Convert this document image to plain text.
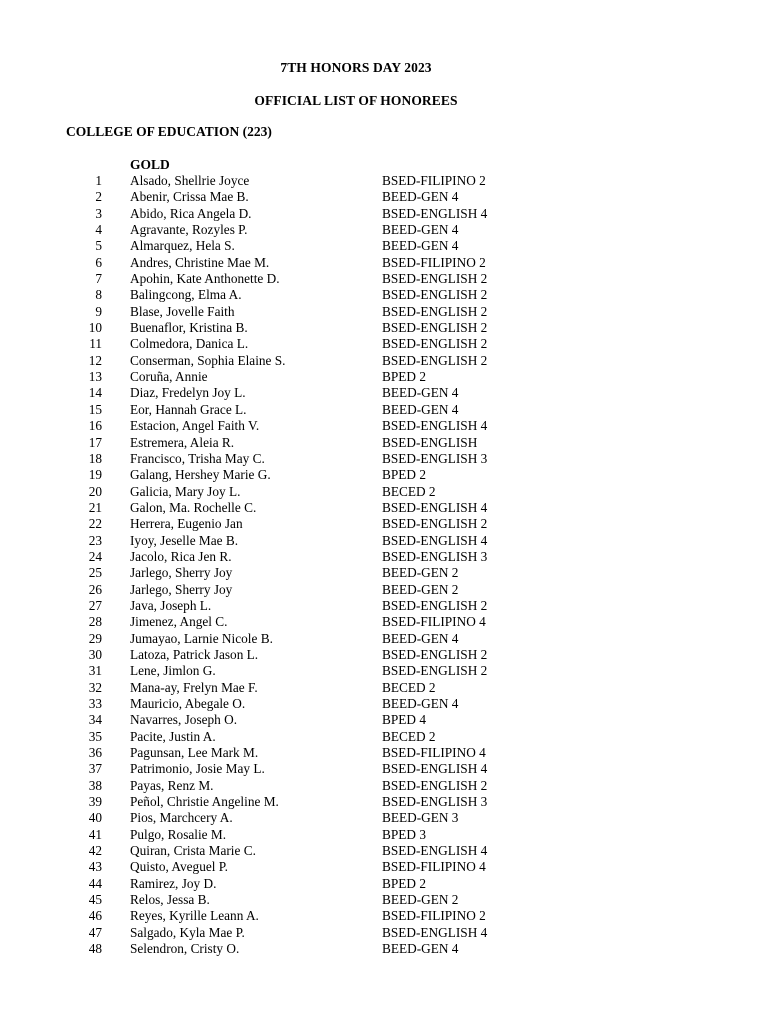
7TH HONORS DAY 2023
OFFICIAL LIST OF HONOREES
COLLEGE OF EDUCATION (223)
GOLD
1 Alsado, Shellrie Joyce	BSED-FILIPINO 2
2 Abenir, Crissa Mae B.	BEED-GEN 4
3 Abido, Rica Angela D.	BSED-ENGLISH 4
4 Agravante, Rozyles P.	BEED-GEN 4
5 Almarquez, Hela S.	BEED-GEN 4
6 Andres, Christine Mae M.	BSED-FILIPINO 2
7 Apohin, Kate Anthonette D.	BSED-ENGLISH 2
8 Balingcong, Elma A.	BSED-ENGLISH 2
9 Blase, Jovelle Faith	BSED-ENGLISH 2
10 Buenaflor, Kristina B.	BSED-ENGLISH 2
11 Colmedora, Danica L.	BSED-ENGLISH 2
12 Conserman, Sophia Elaine S.	BSED-ENGLISH 2
13 Coruña, Annie	BPED 2
14 Diaz, Fredelyn Joy L.	BEED-GEN 4
15 Eor, Hannah Grace L.	BEED-GEN 4
16 Estacion, Angel Faith V.	BSED-ENGLISH 4
17 Estremera, Aleia R.	BSED-ENGLISH
18 Francisco, Trisha May C.	BSED-ENGLISH 3
19 Galang, Hershey Marie G.	BPED 2
20 Galicia, Mary Joy L.	BECED 2
21 Galon, Ma. Rochelle C.	BSED-ENGLISH 4
22 Herrera, Eugenio Jan	BSED-ENGLISH 2
23 Iyoy, Jeselle Mae B.	BSED-ENGLISH 4
24 Jacolo, Rica Jen R.	BSED-ENGLISH 3
25 Jarlego, Sherry Joy	BEED-GEN 2
26 Jarlego, Sherry Joy	BEED-GEN 2
27 Java, Joseph L.	BSED-ENGLISH 2
28 Jimenez, Angel C.	BSED-FILIPINO 4
29 Jumayao, Larnie Nicole B.	BEED-GEN 4
30 Latoza, Patrick Jason L.	BSED-ENGLISH 2
31 Lene, Jimlon G.	BSED-ENGLISH 2
32 Mana-ay, Frelyn Mae F.	BECED 2
33 Mauricio, Abegale O.	BEED-GEN 4
34 Navarres, Joseph O.	BPED 4
35 Pacite, Justin A.	BECED 2
36 Pagunsan, Lee Mark M.	BSED-FILIPINO 4
37 Patrimonio, Josie May L.	BSED-ENGLISH 4
38 Payas, Renz M.	BSED-ENGLISH 2
39 Peñol, Christie Angeline M.	BSED-ENGLISH 3
40 Pios, Marchcery A.	BEED-GEN 3
41 Pulgo, Rosalie M.	BPED 3
42 Quiran, Crista Marie C.	BSED-ENGLISH 4
43 Quisto, Aveguel P.	BSED-FILIPINO 4
44 Ramirez, Joy D.	BPED 2
45 Relos, Jessa B.	BEED-GEN 2
46 Reyes, Kyrille Leann A.	BSED-FILIPINO 2
47 Salgado, Kyla Mae P.	BSED-ENGLISH 4
48 Selendron, Cristy O.	BEED-GEN 4
